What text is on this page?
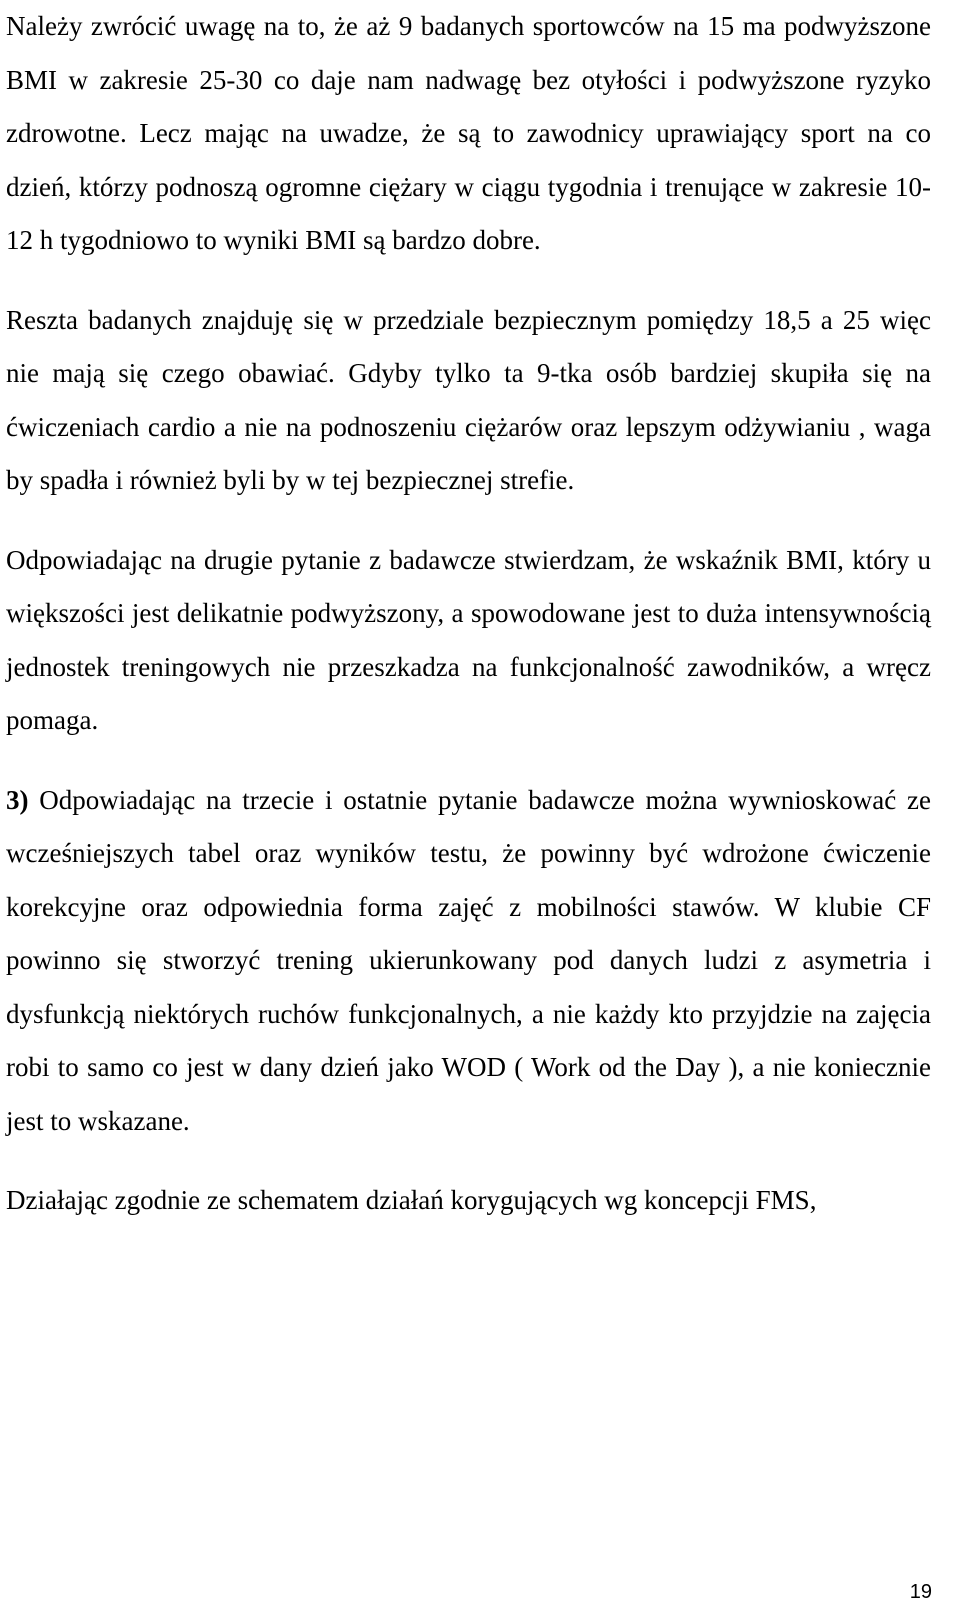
Należy zwrócić uwagę na to, że aż 9 badanych sportowców na 15 ma podwyższone BMI w zakresie 25-30 co daje nam nadwagę bez otyłości i podwyższone ryzyko zdrowotne. Lecz mając na uwadze, że są to zawodnicy uprawiający sport na co dzień, którzy podnoszą ogromne ciężary w ciągu tygodnia i trenujące w zakresie 10-12 h tygodniowo to wyniki BMI są bardzo dobre.

Reszta badanych znajduję się w przedziale bezpiecznym pomiędzy 18,5 a 25 więc nie mają się czego obawiać. Gdyby tylko ta 9-tka osób bardziej skupiła się na ćwiczeniach cardio a nie na podnoszeniu ciężarów oraz lepszym odżywianiu , waga by spadła i również byli by w tej bezpiecznej strefie.

Odpowiadając na drugie pytanie z badawcze stwierdzam, że wskaźnik BMI, który u większości jest delikatnie podwyższony, a spowodowane jest to duża intensywnością jednostek treningowych nie przeszkadza na funkcjonalność zawodników, a wręcz pomaga.

3) Odpowiadając na trzecie i ostatnie pytanie badawcze można wywnioskować ze wcześniejszych tabel oraz wyników testu, że powinny być wdrożone ćwiczenie korekcyjne oraz odpowiednia forma zajęć z mobilności stawów. W klubie CF powinno się stworzyć trening ukierunkowany pod danych ludzi z asymetria i dysfunkcją niektórych ruchów funkcjonalnych, a nie każdy kto przyjdzie na zajęcia robi to samo co jest w dany dzień jako WOD ( Work od the Day ), a nie koniecznie jest to wskazane.

Działając zgodnie ze schematem działań korygujących wg koncepcji FMS,

19
